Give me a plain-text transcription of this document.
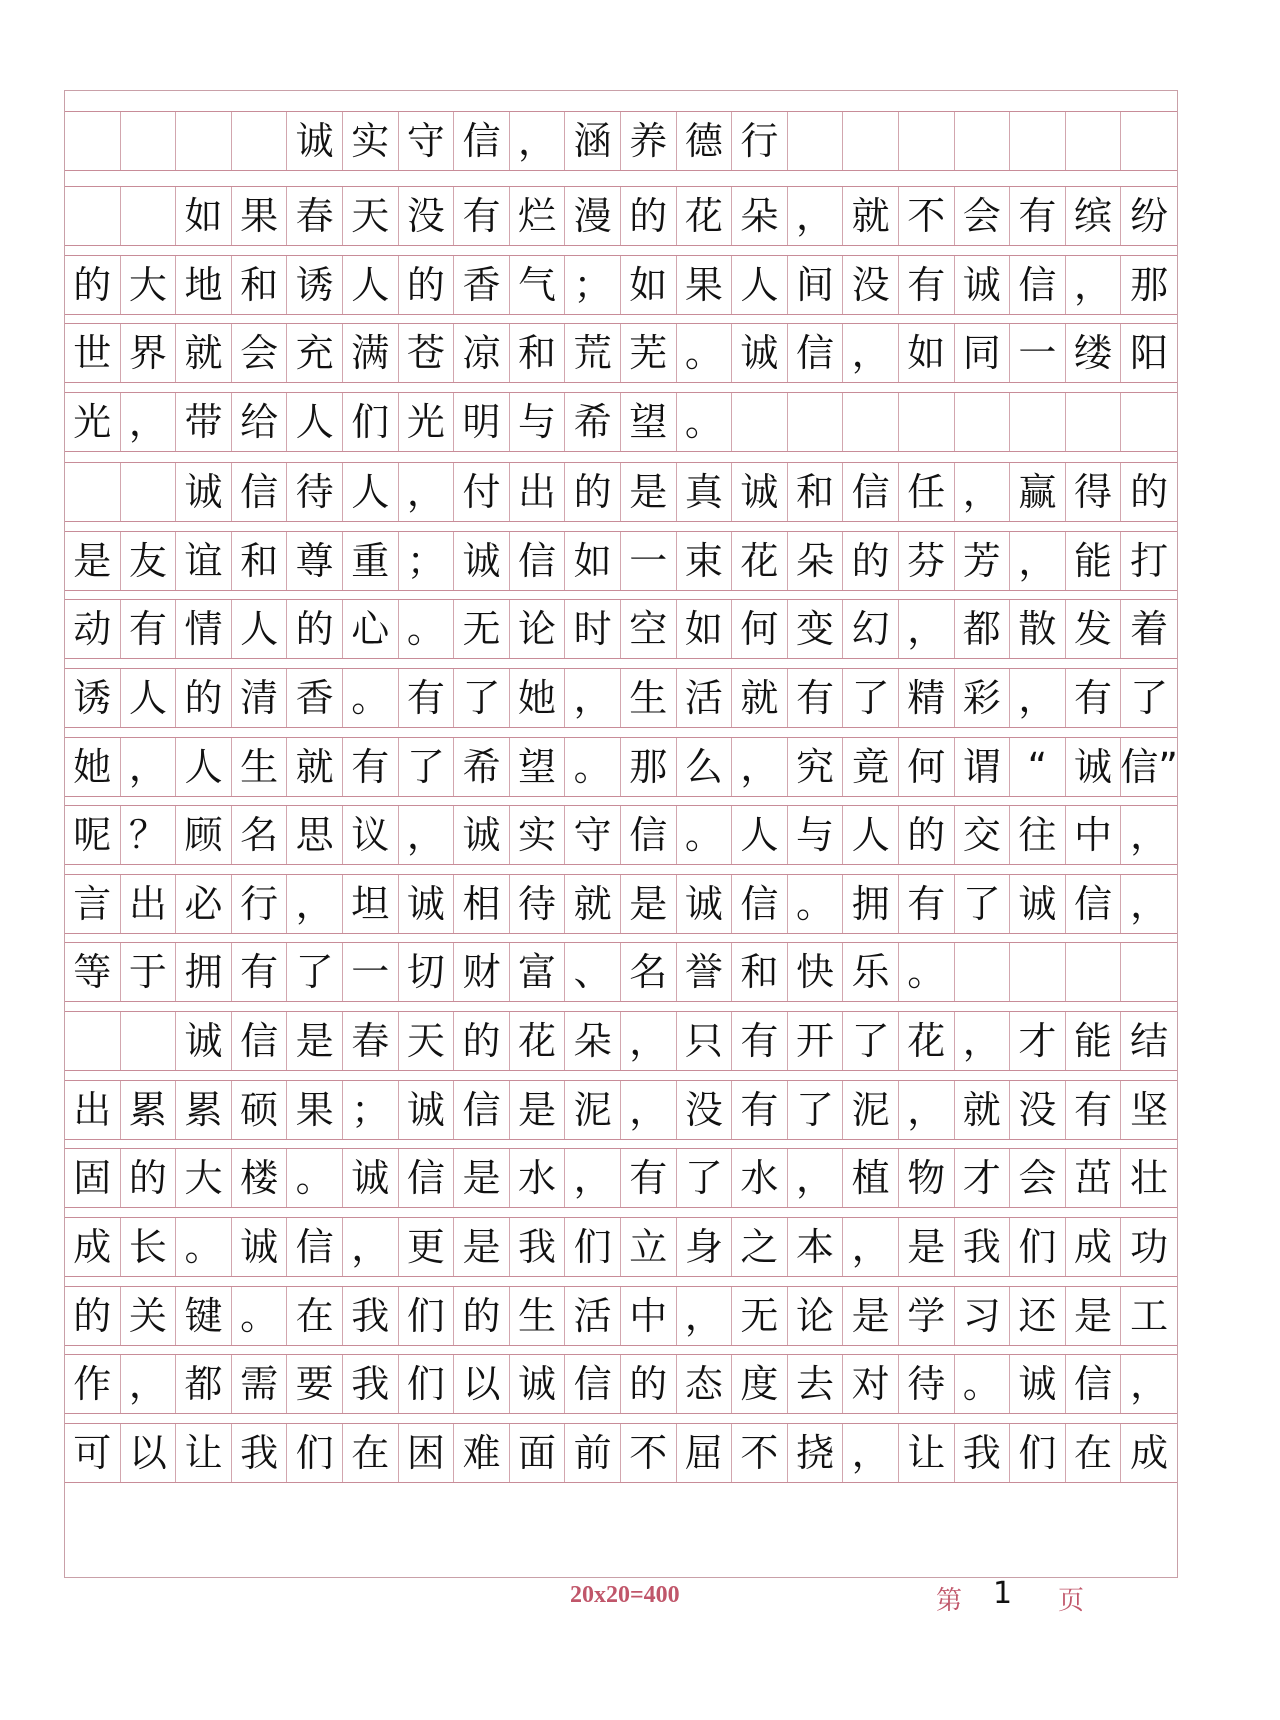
诚 实 守 信 ， 涵 养 德 行
如 果 春 天 没 有 烂 漫 的 花 朵 ， 就 不 会 有 缤 纷
的 大 地 和 诱 人 的 香 气 ； 如 果 人 间 没 有 诚 信 ， 那
世 界 就 会 充 满 苍 凉 和 荒 芜 。 诚 信 ， 如 同 一 缕 阳
光 ， 带 给 人 们 光 明 与 希 望 。
诚 信 待 人 ， 付 出 的 是 真 诚 和 信 任 ， 赢 得 的
是 友 谊 和 尊 重 ； 诚 信 如 一 束 花 朵 的 芬 芳 ， 能 打
动 有 情 人 的 心 。 无 论 时 空 如 何 变 幻 ， 都 散 发 着
诱 人 的 清 香 。 有 了 她 ， 生 活 就 有 了 精 彩 ， 有 了
她 ， 人 生 就 有 了 希 望 。 那 么 ， 究 竟 何 谓 “ 诚 信”
呢 ？ 顾 名 思 议 ， 诚 实 守 信 。 人 与 人 的 交 往 中 ，
言 出 必 行 ， 坦 诚 相 待 就 是 诚 信 。 拥 有 了 诚 信 ，
等 于 拥 有 了 一 切 财 富 、 名 誉 和 快 乐 。
诚 信 是 春 天 的 花 朵 ， 只 有 开 了 花 ， 才 能 结
出 累 累 硕 果 ； 诚 信 是 泥 ， 没 有 了 泥 ， 就 没 有 坚
固 的 大 楼 。 诚 信 是 水 ， 有 了 水 ， 植 物 才 会 茁 壮
成 长 。 诚 信 ， 更 是 我 们 立 身 之 本 ， 是 我 们 成 功
的 关 键 。 在 我 们 的 生 活 中 ， 无 论 是 学 习 还 是 工
作 ， 都 需 要 我 们 以 诚 信 的 态 度 去 对 待 。 诚 信 ，
可 以 让 我 们 在 困 难 面 前 不 屈 不 挠 ， 让 我 们 在 成
20x20=400	第 1 页
